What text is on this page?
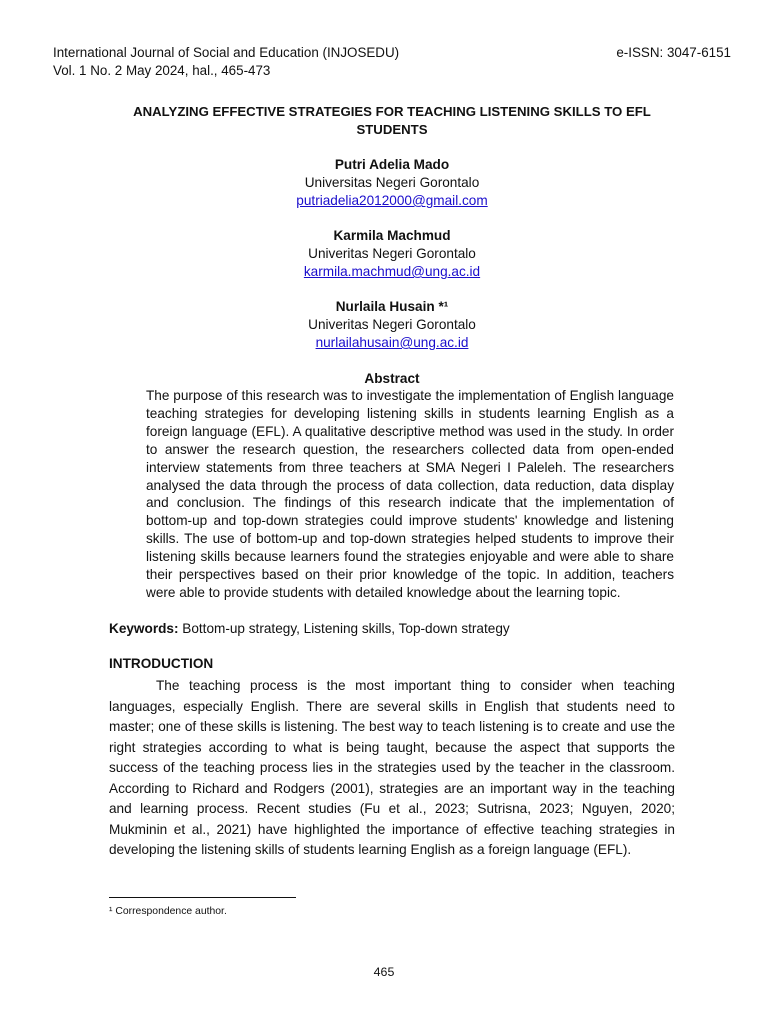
International Journal of Social and Education (INJOSEDU)
Vol. 1 No. 2 May 2024, hal., 465-473
e-ISSN: 3047-6151
ANALYZING EFFECTIVE STRATEGIES FOR TEACHING LISTENING SKILLS TO EFL STUDENTS
Putri Adelia Mado
Universitas Negeri Gorontalo
putriadelia2012000@gmail.com
Karmila Machmud
Univeritas Negeri Gorontalo
karmila.machmud@ung.ac.id
Nurlaila Husain *¹
Univeritas Negeri Gorontalo
nurlailahusain@ung.ac.id
Abstract

The purpose of this research was to investigate the implementation of English language teaching strategies for developing listening skills in students learning English as a foreign language (EFL). A qualitative descriptive method was used in the study. In order to answer the research question, the researchers collected data from open-ended interview statements from three teachers at SMA Negeri I Paleleh. The researchers analysed the data through the process of data collection, data reduction, data display and conclusion. The findings of this research indicate that the implementation of bottom-up and top-down strategies could improve students' knowledge and listening skills. The use of bottom-up and top-down strategies helped students to improve their listening skills because learners found the strategies enjoyable and were able to share their perspectives based on their prior knowledge of the topic. In addition, teachers were able to provide students with detailed knowledge about the learning topic.

Keywords: Bottom-up strategy, Listening skills, Top-down strategy
INTRODUCTION

The teaching process is the most important thing to consider when teaching languages, especially English. There are several skills in English that students need to master; one of these skills is listening. The best way to teach listening is to create and use the right strategies according to what is being taught, because the aspect that supports the success of the teaching process lies in the strategies used by the teacher in the classroom. According to Richard and Rodgers (2001), strategies are an important way in the teaching and learning process. Recent studies (Fu et al., 2023; Sutrisna, 2023; Nguyen, 2020; Mukminin et al., 2021) have highlighted the importance of effective teaching strategies in developing the listening skills of students learning English as a foreign language (EFL).

¹ Correspondence author.
465
